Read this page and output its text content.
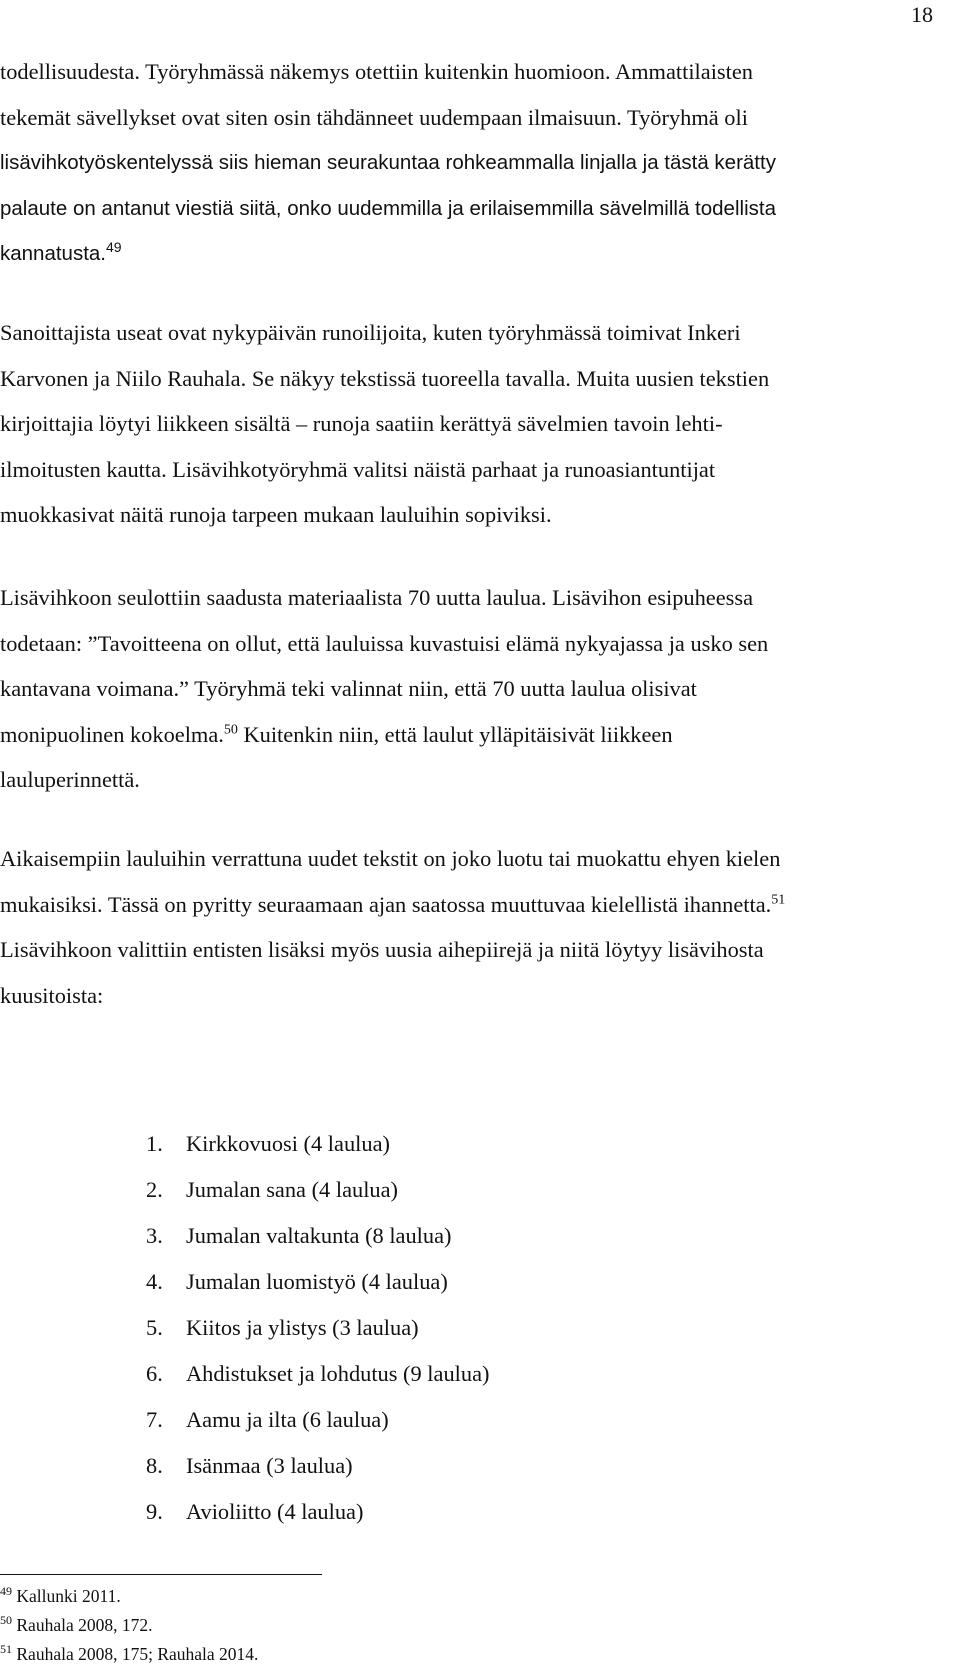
18

todellisuudesta. Työryhmässä näkemys otettiin kuitenkin huomioon. Ammattilaisten

tekemät sävellykset ovat siten osin tähdänneet uudempaan ilmaisuun. Työryhmä oli

lisävihkotyöskentelyssä siis hieman seurakuntaa rohkeammalla linjalla ja tästä kerätty

palaute on antanut viestiä siitä, onko uudemmilla ja erilaisemmilla sävelmillä todellista

kannatusta.$^{49}$

Sanoittajista useat ovat nykypäivän runoilijoita, kuten työryhmässä toimivat Inkeri

Karvonen ja Niilo Rauhala. Se näkyy tekstissä tuoreella tavalla. Muita uusien tekstien

kirjoittajia löytyi liikkeen sisältä – runoja saatiin kerättyä sävelmien tavoin lehti-

ilmoitusten kautta. Lisävihkotyöryhmä valitsi näistä parhaat ja runoasiantuntijat

muokkasivat näitä runoja tarpeen mukaan lauluihin sopiviksi.

Lisävihkoon seulottiin saadusta materiaalista 70 uutta laulua. Lisävihon esipuheessa

todetaan: ”Tavoitteena on ollut, että lauluissa kuvastuisi elämä nykyajassa ja usko sen

kantavana voimana.” Työryhmä teki valinnat niin, että 70 uutta laulua olisivat

monipuolinen kokoelma.$^{50}$ Kuitenkin niin, että laulut ylläpitäisivät liikkeen

lauluperinnettä.

Aikaisempiin lauluihin verrattuna uudet tekstit on joko luotu tai muokattu ehyen kielen

mukaisiksi. Tässä on pyritty seuraamaan ajan saatossa muuttuvaa kielellistä ihannetta.$^{51}$

Lisävihkoon valittiin entisten lisäksi myös uusia aihepiirejä ja niitä löytyy lisävihosta

kuusitoista:

1. Kirkkovuosi (4 laulua)
2. Jumalan sana (4 laulua)
3. Jumalan valtakunta (8 laulua)
4. Jumalan luomistyö (4 laulua)
5. Kiitos ja ylistys (3 laulua)
6. Ahdistukset ja lohdutus (9 laulua)
7. Aamu ja ilta (6 laulua)
8. Isänmaa (3 laulua)
9. Avioliitto (4 laulua)
$^{49}$ Kallunki 2011.
$^{50}$ Rauhala 2008, 172.
$^{51}$ Rauhala 2008, 175; Rauhala 2014.
